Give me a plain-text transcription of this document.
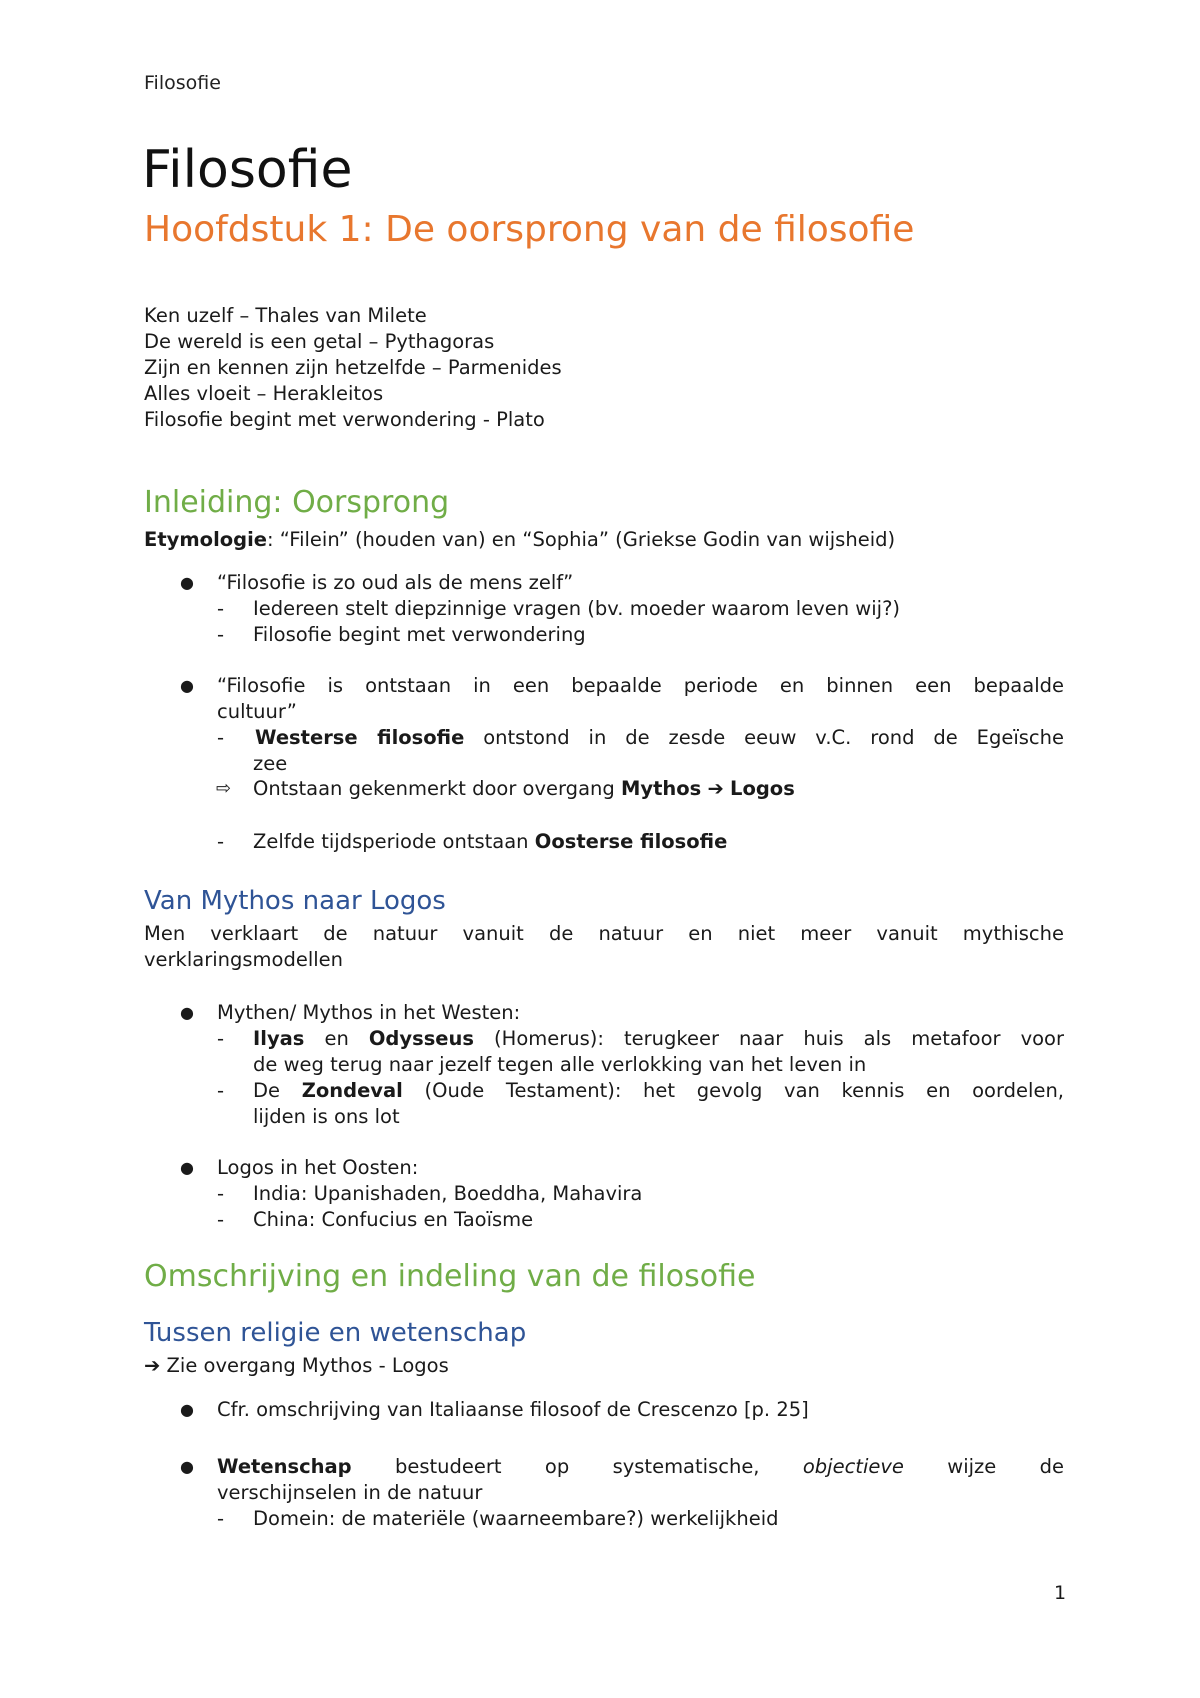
Filosofie
Filosofie
Hoofdstuk 1: De oorsprong van de filosofie
Ken uzelf – Thales van Milete
De wereld is een getal – Pythagoras
Zijn en kennen zijn hetzelfde – Parmenides
Alles vloeit – Herakleitos
Filosofie begint met verwondering - Plato
Inleiding: Oorsprong
Etymologie: “Filein” (houden van) en “Sophia” (Griekse Godin van wijsheid)
● “Filosofie is zo oud als de mens zelf”
- Iedereen stelt diepzinnige vragen (bv. moeder waarom leven wij?)
- Filosofie begint met verwondering
● “Filosofie is ontstaan in een bepaalde periode en binnen een bepaalde
cultuur”
- Westerse filosofie ontstond in de zesde eeuw v.C. rond de Egeïsche
zee
⇨ Ontstaan gekenmerkt door overgang Mythos ➔ Logos
- Zelfde tijdsperiode ontstaan Oosterse filosofie
Van Mythos naar Logos
Men verklaart de natuur vanuit de natuur en niet meer vanuit mythische
verklaringsmodellen
● Mythen/ Mythos in het Westen:
- Ilyas en Odysseus (Homerus): terugkeer naar huis als metafoor voor
de weg terug naar jezelf tegen alle verlokking van het leven in
- De Zondeval (Oude Testament): het gevolg van kennis en oordelen,
lijden is ons lot
● Logos in het Oosten:
- India: Upanishaden, Boeddha, Mahavira
- China: Confucius en Taoïsme
Omschrijving en indeling van de filosofie
Tussen religie en wetenschap
➔ Zie overgang Mythos - Logos
● Cfr. omschrijving van Italiaanse filosoof de Crescenzo [p. 25]
● Wetenschap bestudeert op systematische, objectieve wijze de
verschijnselen in de natuur
- Domein: de materiële (waarneembare?) werkelijkheid
1
